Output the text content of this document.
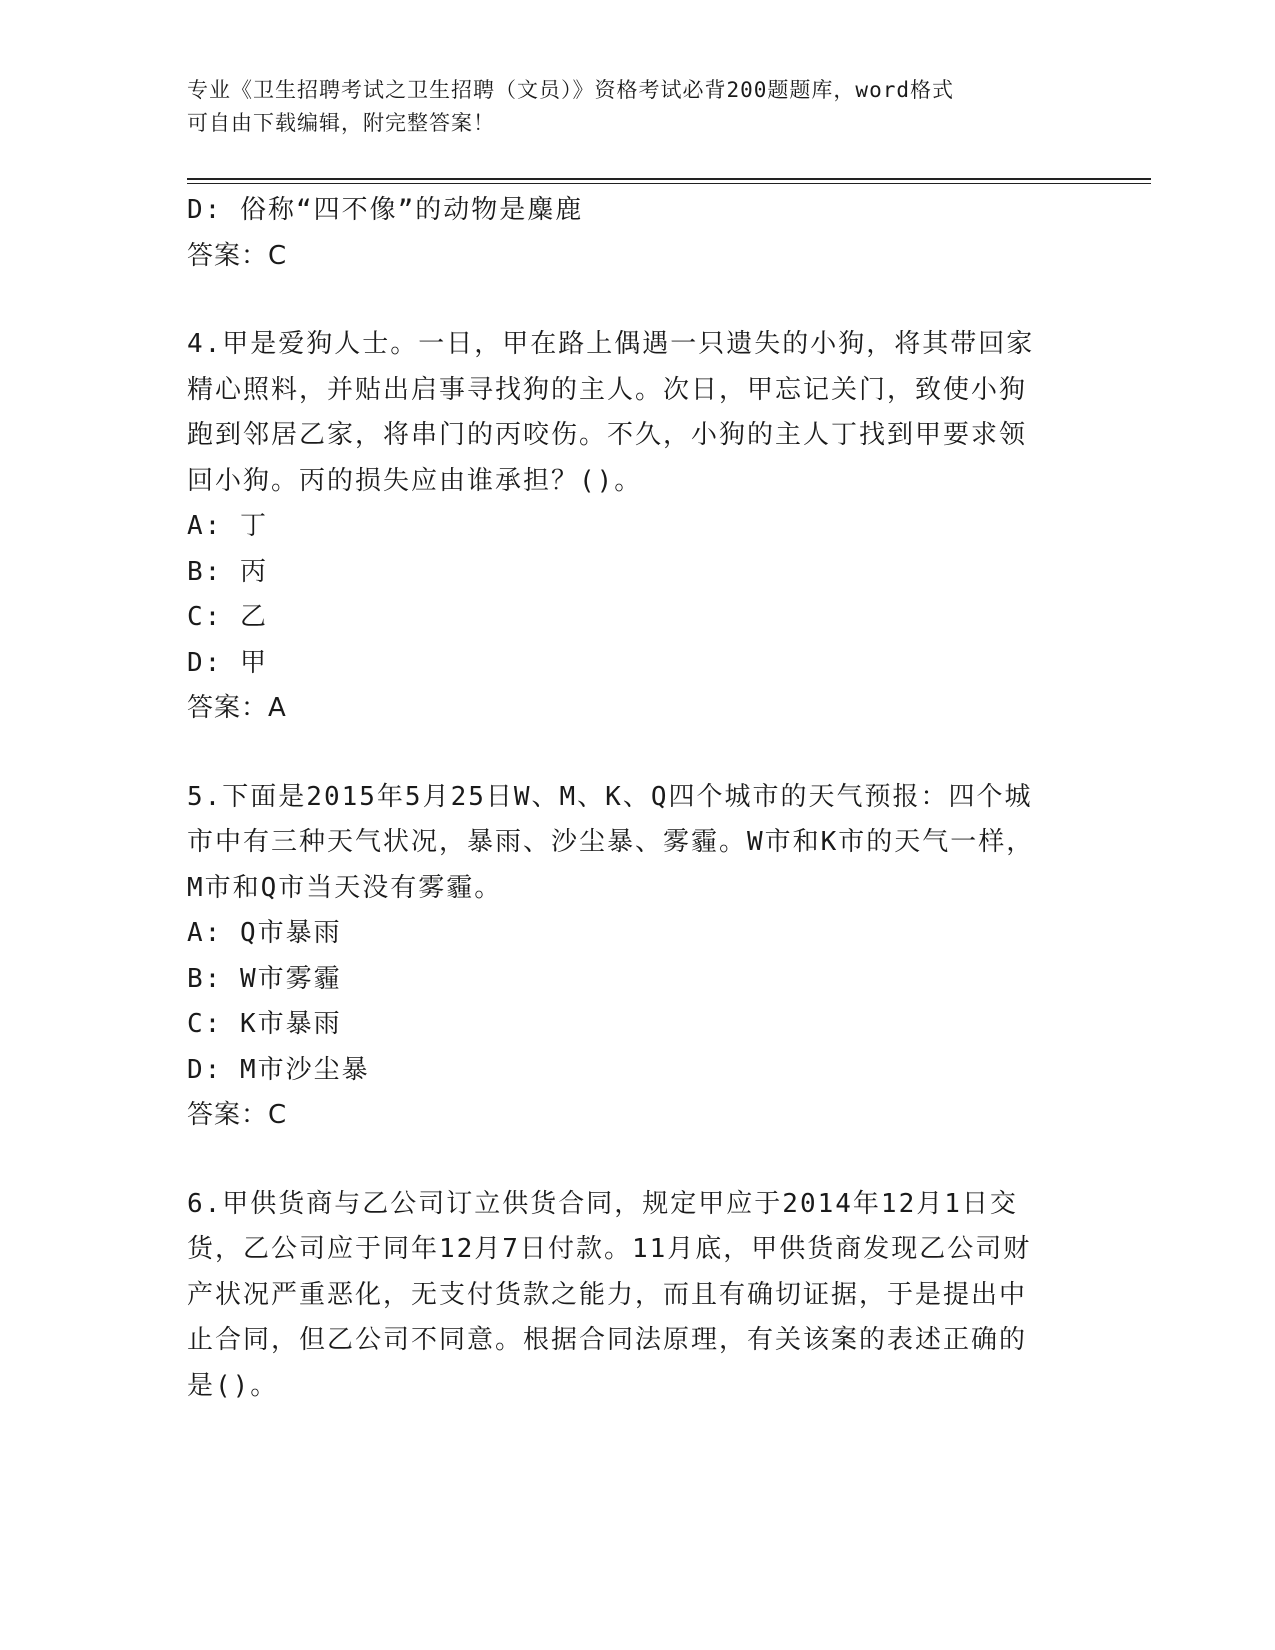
专业《卫生招聘考试之卫生招聘（文员）》资格考试必背200题题库，word格式
可自由下载编辑，附完整答案！

D: 俗称“四不像”的动物是麋鹿

答案：C

4.甲是爱狗人士。一日，甲在路上偶遇一只遗失的小狗，将其带回家

精心照料，并贴出启事寻找狗的主人。次日，甲忘记关门，致使小狗

跑到邻居乙家，将串门的丙咬伤。不久，小狗的主人丁找到甲要求领

回小狗。丙的损失应由谁承担？()。

A: 丁

B: 丙

C: 乙

D: 甲

答案：A

5.下面是2015年5月25日W、M、K、Q四个城市的天气预报：四个城

市中有三种天气状况，暴雨、沙尘暴、雾霾。W市和K市的天气一样，

M市和Q市当天没有雾霾。

A: Q市暴雨

B: W市雾霾

C: K市暴雨

D: M市沙尘暴

答案：C

6.甲供货商与乙公司订立供货合同，规定甲应于2014年12月1日交

货，乙公司应于同年12月7日付款。11月底，甲供货商发现乙公司财

产状况严重恶化，无支付货款之能力，而且有确切证据，于是提出中

止合同，但乙公司不同意。根据合同法原理，有关该案的表述正确的

是()。
